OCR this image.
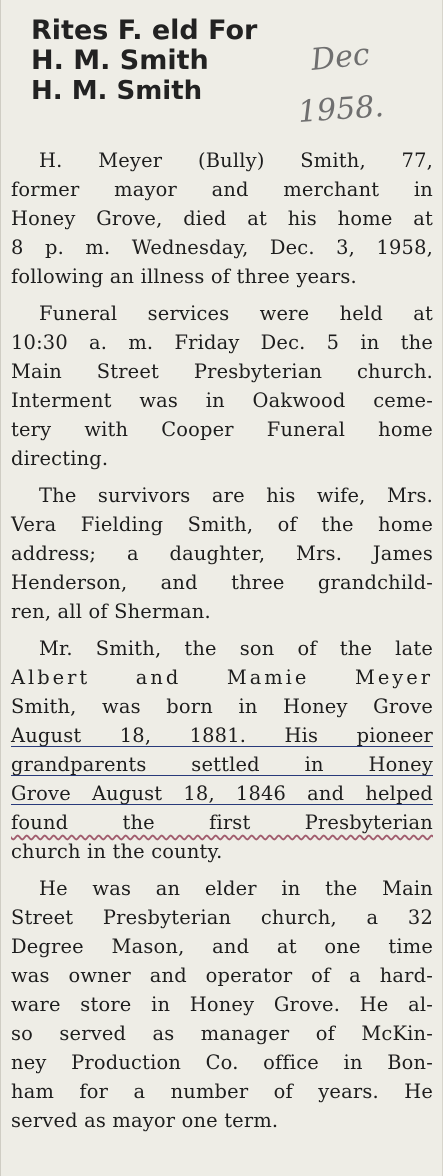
Rites F. eld For
H. M. Smith
H. M. Smith
Dec
1958.
H. Meyer (Bully) Smith, 77,
former mayor and merchant in
Honey Grove, died at his home at
8 p. m. Wednesday, Dec. 3, 1958,
following an illness of three years.
Funeral services were held at
10:30 a. m. Friday Dec. 5 in the
Main Street Presbyterian church.
Interment was in Oakwood ceme-
tery with Cooper Funeral home
directing.
The survivors are his wife, Mrs.
Vera Fielding Smith, of the home
address; a daughter, Mrs. James
Henderson, and three grandchild-
ren, all of Sherman.
Mr. Smith, the son of the late
Albert and Mamie Meyer
Smith, was born in Honey Grove
August 18, 1881. His pioneer
grandparents settled in Honey
Grove August 18, 1846 and helped
found the first Presbyterian
church in the county.
He was an elder in the Main
Street Presbyterian church, a 32
Degree Mason, and at one time
was owner and operator of a hard-
ware store in Honey Grove. He al-
so served as manager of McKin-
ney Production Co. office in Bon-
ham for a number of years. He
served as mayor one term.
